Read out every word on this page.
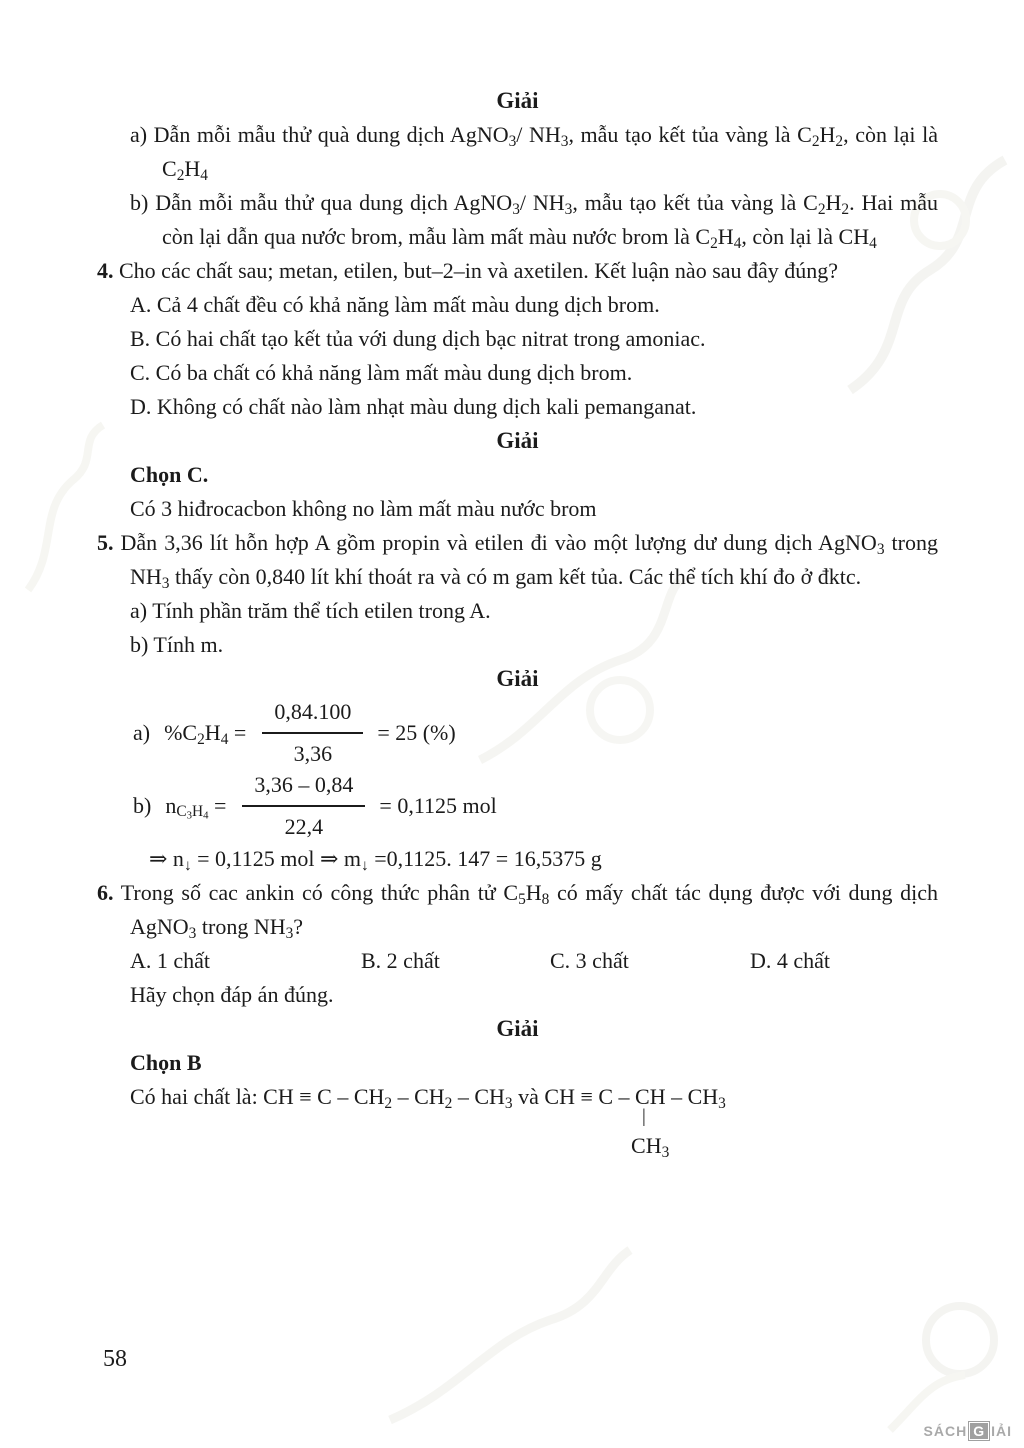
Giải

a) Dẫn mỗi mẫu thử quà dung dịch AgNO$_3$/ $NH_3$, mẫu tạo kết tủa vàng là $C_2H_2$, còn lại là $C_2H_4$

b) Dẫn mỗi mẫu thử qua dung dịch AgNO$_3$/ $NH_3$, mẫu tạo kết tủa vàng là $C_2H_2$. Hai mẫu còn lại dẫn qua nước brom, mẫu làm mất màu nước brom là $C_2H_4$, còn lại là $CH_4$

4. Cho các chất sau; metan, etilen, but–2–in và axetilen. Kết luận nào sau đây đúng?

A. Cả 4 chất đều có khả năng làm mất màu dung dịch brom.

B. Có hai chất tạo kết tủa với dung dịch bạc nitrat trong amoniac.

C. Có ba chất có khả năng làm mất màu dung dịch brom.

D. Không có chất nào làm nhạt màu dung dịch kali pemanganat.

Giải

Chọn C.

Có 3 hiđrocacbon không no làm mất màu nước brom

5. Dẫn 3,36 lít hỗn hợp A gồm propin và etilen đi vào một lượng dư dung dịch AgNO$_3$ trong $NH_3$ thấy còn 0,840 lít khí thoát ra và có m gam kết tủa. Các thể tích khí đo ở đktc.

a) Tính phần trăm thể tích etilen trong A.

b) Tính m.

Giải
a) $\%C_2H_4 = \frac{0,84.100}{3,36} = 25$ (%)
b) $n_{C_3H_4} = \frac{3,36 - 0,84}{22,4} = 0,1125$ mol

⇒ $n_↓ = 0,1125$ mol ⇒ $m_↓ =0,1125$. 147 = 16,5375 g

6. Trong số cac ankin có công thức phân tử $C_5H_8$ có mấy chất tác dụng được với dung dịch AgNO$_3$ trong $NH_3$?

A. 1 chất	B. 2 chất	C. 3 chất	D. 4 chất

Hãy chọn đáp án đúng.

Giải

Chọn B

Có hai chất là: CH ≡ C – $CH_2 - CH_2 - CH_3$ và CH ≡ C – CH
|
$CH_3$
– $CH_3$

58
SÁCH G IẢI
